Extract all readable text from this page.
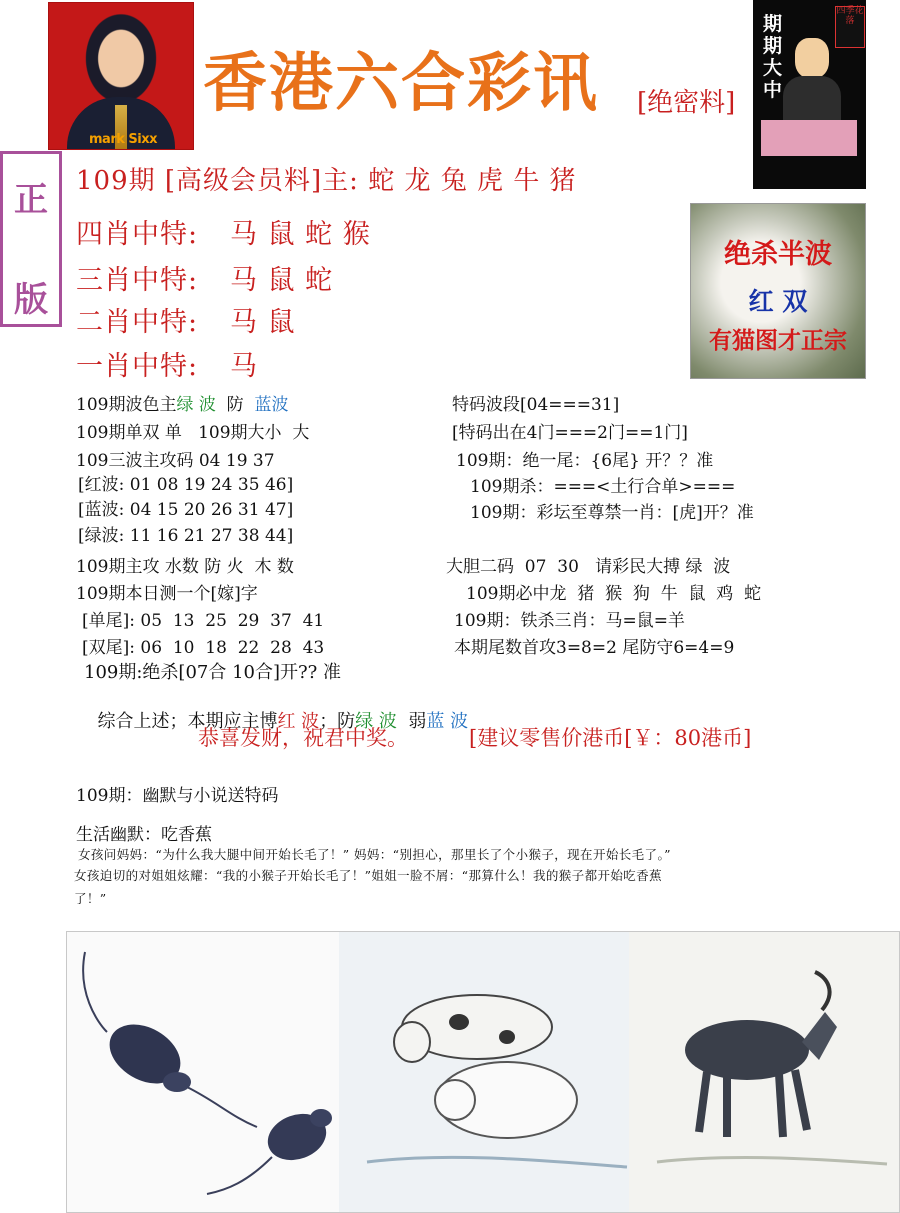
mark Sixx
香港六合彩讯 [绝密料]
期期大中
四季花落
正
版
109期 [高级会员料]主: 蛇 龙 兔 虎 牛 猪
四肖中特: 马 鼠 蛇 猴
三肖中特: 马 鼠 蛇
二肖中特: 马 鼠
一肖中特: 马
绝杀半波
红 双
有猫图才正宗
109期波色主绿 波  防  蓝波
109期单双 单   109期大小  大
109三波主攻码 04 19 37
[红波: 01 08 19 24 35 46]
[蓝波: 04 15 20 26 31 47]
[绿波: 11 16 21 27 38 44]
109期主攻 水数 防 火  木 数
109期本日测一个[嫁]字
[单尾]: 05  13  25  29  37  41
[双尾]: 06  10  18  22  28  43
109期:绝杀[07合 10合]开?? 准

综合上述；本期应主博红 波；防绿 波  弱蓝 波

特码波段[04===31]
[特码出在4门===2门==1门]
109期：绝一尾：{6尾} 开？？准
109期杀：===<土行合单>===
109期：彩坛至尊禁一肖：[虎]开？准
大胆二码  07  30   请彩民大搏 绿  波
109期必中龙  猪  猴  狗  牛  鼠  鸡  蛇
109期：铁杀三肖：马=鼠=羊
本期尾数首攻3=8=2 尾防守6=4=9
恭喜发财，祝君中奖。	[建议零售价港币[￥：80港币]
109期：幽默与小说送特码
生活幽默：吃香蕉
女孩问妈妈：“为什么我大腿中间开始长毛了！” 妈妈：“别担心，那里长了个小猴子，现在开始长毛了。”
女孩迫切的对姐姐炫耀：“我的小猴子开始长毛了！”姐姐一脸不屑：“那算什么！我的猴子都开始吃香蕉
了！”
